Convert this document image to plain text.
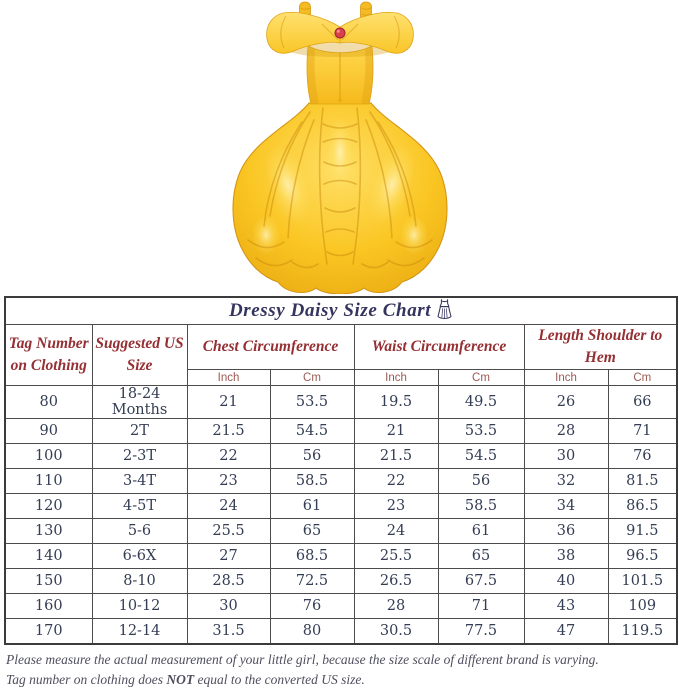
Dressy Daisy Size Chart							
Tag Number on Clothing	Suggested US Size	Chest Circumference		Waist Circumference		Length Shoulder to Hem	
		Inch	Cm	Inch	Cm	Inch	Cm
80	18-24 Months	21	53.5	19.5	49.5	26	66
90	2T	21.5	54.5	21	53.5	28	71
100	2-3T	22	56	21.5	54.5	30	76
110	3-4T	23	58.5	22	56	32	81.5
120	4-5T	24	61	23	58.5	34	86.5
130	5-6	25.5	65	24	61	36	91.5
140	6-6X	27	68.5	25.5	65	38	96.5
150	8-10	28.5	72.5	26.5	67.5	40	101.5
160	10-12	30	76	28	71	43	109
170	12-14	31.5	80	30.5	77.5	47	119.5

Please measure the actual measurement of your little girl, because the size scale of different brand is varying.

Tag number on clothing does NOT equal to the converted US size.
